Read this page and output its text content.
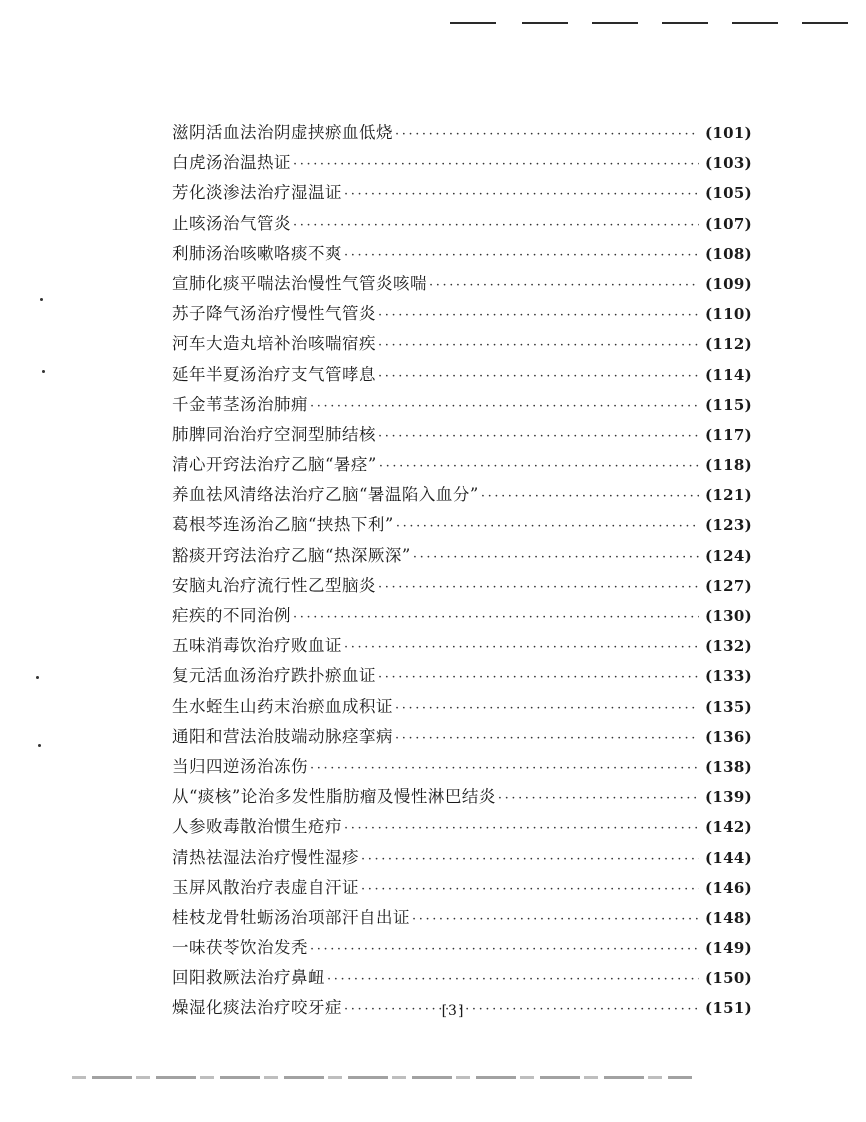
滋阴活血法治阴虚挟瘀血低烧 ·····	(101)
白虎汤治温热证 ·····	(103)
芳化淡渗法治疗湿温证 ·····	(105)
止咳汤治气管炎 ·····	(107)
利肺汤治咳嗽咯痰不爽 ·····	(108)
宣肺化痰平喘法治慢性气管炎咳喘 ·····	(109)
苏子降气汤治疗慢性气管炎 ·····	(110)
河车大造丸培补治咳喘宿疾 ·····	(112)
延年半夏汤治疗支气管哮息 ·····	(114)
千金苇茎汤治肺痈 ·····	(115)
肺脾同治治疗空洞型肺结核 ·····	(117)
清心开窍法治疗乙脑“暑痉” ·····	(118)
养血祛风清络法治疗乙脑“暑温陷入血分” ·····	(121)
葛根芩连汤治乙脑“挟热下利” ·····	(123)
豁痰开窍法治疗乙脑“热深厥深” ·····	(124)
安脑丸治疗流行性乙型脑炎 ·····	(127)
疟疾的不同治例 ·····	(130)
五味消毒饮治疗败血证 ·····	(132)
复元活血汤治疗跌扑瘀血证 ·····	(133)
生水蛭生山药末治瘀血成积证 ·····	(135)
通阳和营法治肢端动脉痉挛病 ·····	(136)
当归四逆汤治冻伤 ·····	(138)
从“痰核”论治多发性脂肪瘤及慢性淋巴结炎 ·····	(139)
人参败毒散治惯生疮疖 ·····	(142)
清热祛湿法治疗慢性湿疹 ·····	(144)
玉屏风散治疗表虚自汗证 ·····	(146)
桂枝龙骨牡蛎汤治项部汗自出证 ·····	(148)
一味茯苓饮治发秃 ·····	(149)
回阳救厥法治疗鼻衄 ·····	(150)
燥湿化痰法治疗咬牙症 ·····	(151)
[3]
